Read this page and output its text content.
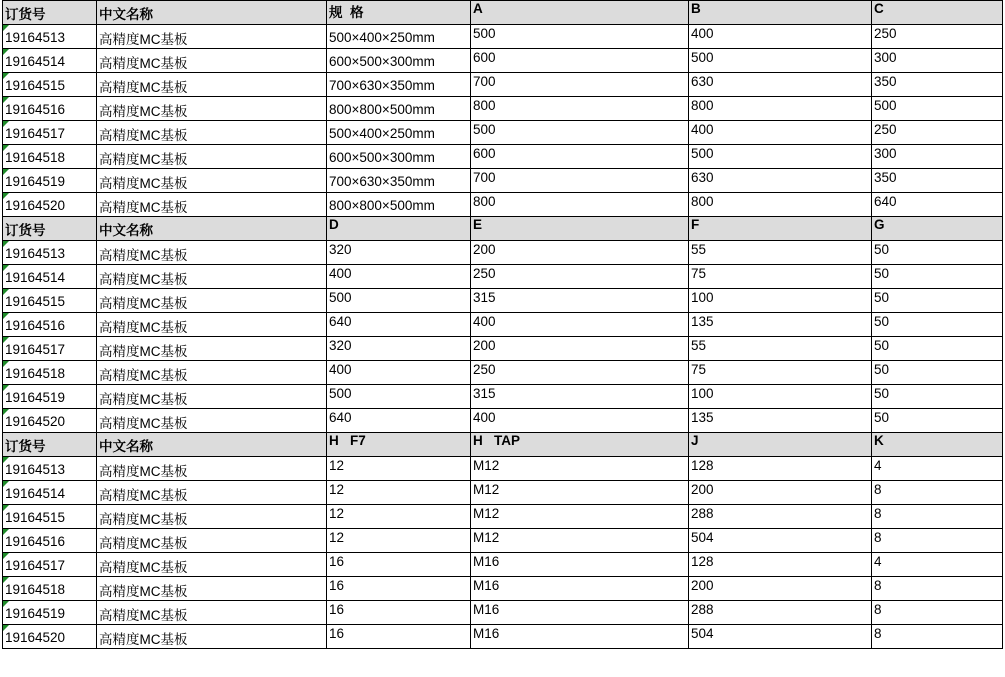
订货号	中文名称	规  格	A	B	C

19164513	高精度MC基板	500×400×250mm	500	400	250

19164514	高精度MC基板	600×500×300mm	600	500	300

19164515	高精度MC基板	700×630×350mm	700	630	350

19164516	高精度MC基板	800×800×500mm	800	800	500

19164517	高精度MC基板	500×400×250mm	500	400	250

19164518	高精度MC基板	600×500×300mm	600	500	300

19164519	高精度MC基板	700×630×350mm	700	630	350

19164520	高精度MC基板	800×800×500mm	800	800	640
订货号	中文名称	D	E	F	G

19164513	高精度MC基板	320	200	55	50

19164514	高精度MC基板	400	250	75	50

19164515	高精度MC基板	500	315	100	50

19164516	高精度MC基板	640	400	135	50

19164517	高精度MC基板	320	200	55	50

19164518	高精度MC基板	400	250	75	50

19164519	高精度MC基板	500	315	100	50

19164520	高精度MC基板	640	400	135	50
订货号	中文名称	H   F7	H   TAP	J	K

19164513	高精度MC基板	12	M12	128	4

19164514	高精度MC基板	12	M12	200	8

19164515	高精度MC基板	12	M12	288	8

19164516	高精度MC基板	12	M12	504	8

19164517	高精度MC基板	16	M16	128	4

19164518	高精度MC基板	16	M16	200	8

19164519	高精度MC基板	16	M16	288	8

19164520	高精度MC基板	16	M16	504	8
